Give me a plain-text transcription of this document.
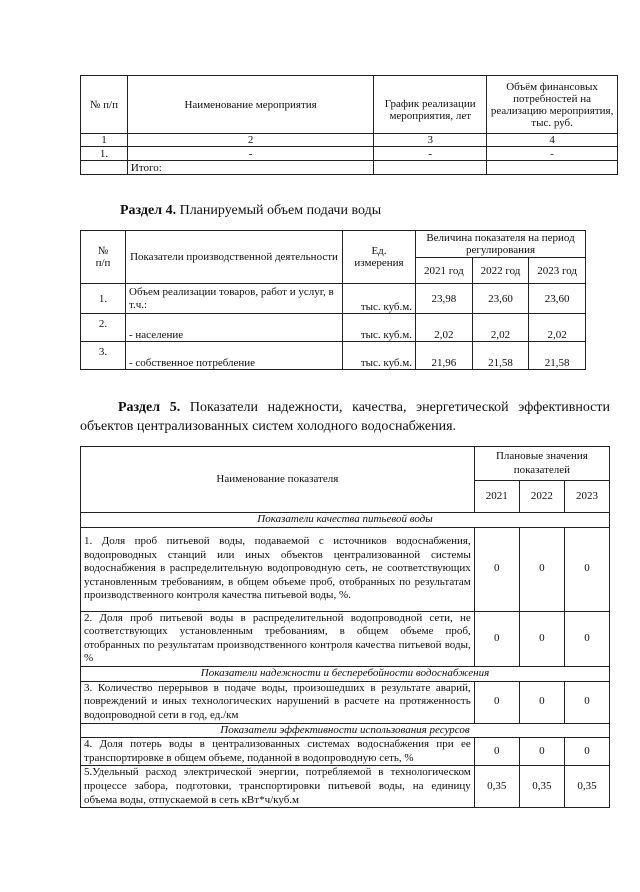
№ п/п	Наименование мероприятия	График реализации мероприятия, лет	Объём финансовых потребностей на реализацию мероприятия, тыс. руб.
1	2	3	4
1.	-	-	-
	Итого:		
Раздел 4. Планируемый объем подачи воды
№
п/п	Показатели производственной деятельности	Ед. измерения	Величина показателя на период регулирования		
			2021 год	2022 год	2023 год
1.	Объем реализации товаров, работ и услуг, в т.ч.:	тыс. куб.м.	23,98	23,60	23,60
2.	- население	тыс. куб.м.	2,02	2,02	2,02
3.	- собственное потребление	тыс. куб.м.	21,96	21,58	21,58
Раздел 5. Показатели надежности, качества, энергетической эффективности объектов централизованных систем холодного водоснабжения.
Наименование показателя	Плановые значения показателей		
	2021	2022	2023
Показатели качества питьевой воды			
1. Доля проб питьевой воды, подаваемой с источников водоснабжения, водопроводных станций или иных объектов централизованной системы водоснабжения в распределительную водопроводную сеть, не соответствующих установленным требованиям, в общем объеме проб, отобранных по результатам производственного контроля качества питьевой воды, %.	0	0	0
2. Доля проб питьевой воды в распределительной водопроводной сети, не соответствующих установленным требованиям, в общем объеме проб, отобранных по результатам производственного контроля качества питьевой воды, %	0	0	0
Показатели надежности и бесперебойности водоснабжения			
3. Количество перерывов в подаче воды, произошедших в результате аварий, повреждений и иных технологических нарушений в расчете на протяженность водопроводной сети в год, ед./км	0	0	0
Показатели эффективности использования ресурсов			
4. Доля потерь воды в централизованных системах водоснабжения при ее транспортировке в общем объеме, поданной в водопроводную сеть, %	0	0	0
5.Удельный расход электрической энергии, потребляемой в технологическом процессе забора, подготовки, транспортировки питьевой воды, на единицу объема воды, отпускаемой в сеть кВт*ч/куб.м	0,35	0,35	0,35
